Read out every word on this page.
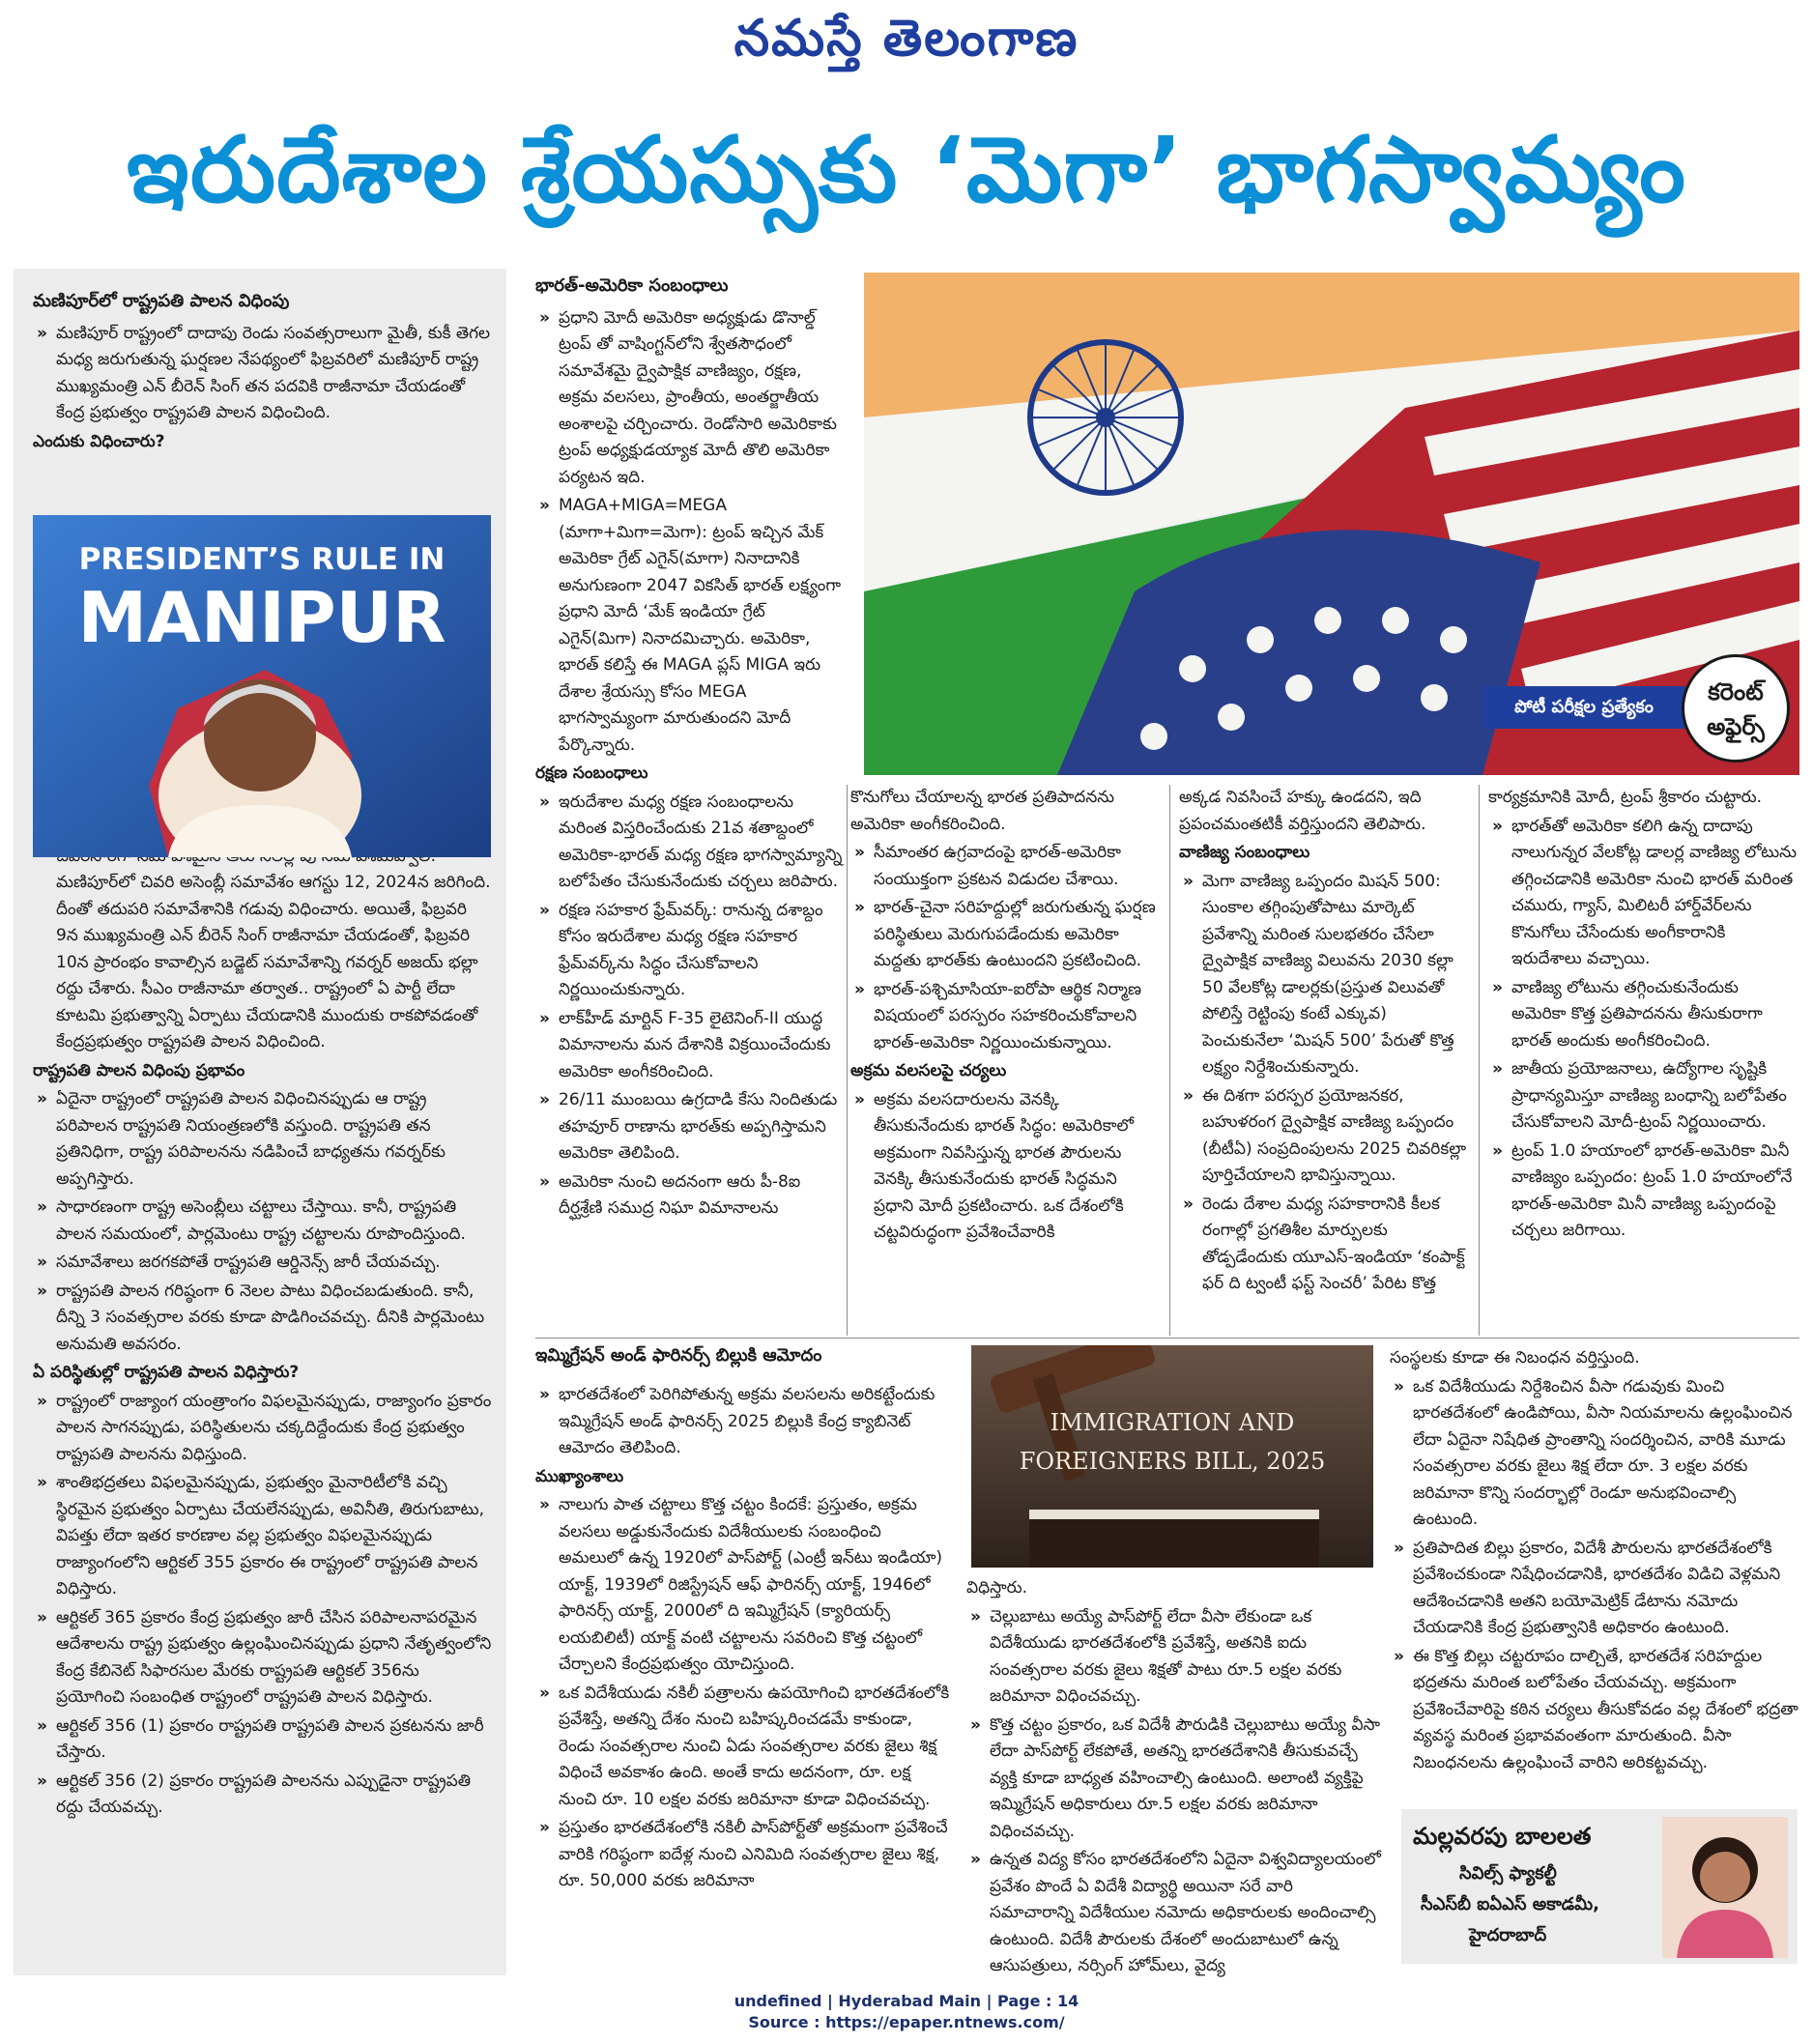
నమస్తే తెలంగాణ
ఇరుదేశాల శ్రేయస్సుకు ‘మెగా’ భాగస్వామ్యం

మణిపూర్‌లో రాష్ట్రపతి పాలన విధింపు

» మణిపూర్‌ రాష్ట్రంలో దాదాపు రెండు సంవత్సరాలుగా మైతీ, కుకీ తెగల మధ్య జరుగుతున్న ఘర్షణల నేపథ్యంలో ఫిబ్రవరిలో మణిపూర్‌ రాష్ట్ర ముఖ్యమంత్రి ఎన్‌ బీరెన్‌ సింగ్‌ తన పదవికి రాజీనామా చేయడంతో కేంద్ర ప్రభుత్వం రాష్ట్రపతి పాలన విధించింది.

ఎందుకు విధించారు?

» మణిపూర్‌లో చివరి అసెంబ్లీ సమావేశం ఆగస్టు 12, 2024న జరిగింది. దీంతో తదుపరి సమావేశానికి గడువు విధించారు. అయితే, ఫిబ్రవరి 9న ముఖ్యమంత్రి ఎన్‌ బీరెన్‌ సింగ్‌ రాజీనామా చేయడంతో, ఫిబ్రవరి 10న ప్రారంభం కావాల్సిన బడ్జెట్‌ సమావేశాన్ని గవర్నర్‌ అజయ్‌ భల్లా రద్దు చేశారు. సీఎం రాజీనామా తర్వాత.. రాష్ట్రంలో ఏ పార్టీ లేదా కూటమి ప్రభుత్వాన్ని ఏర్పాటు చేయడానికి ముందుకు రాకపోవడంతో కేంద్రప్రభుత్వం రాష్ట్రపతి పాలన విధించింది.

రాష్ట్రపతి పాలన విధింపు ప్రభావం

» ఏదైనా రాష్ట్రంలో రాష్ట్రపతి పాలన విధించినప్పుడు ఆ రాష్ట్ర పరిపాలన రాష్ట్రపతి నియంత్రణలోకి వస్తుంది. రాష్ట్రపతి తన ప్రతినిధిగా, రాష్ట్ర పరిపాలనను నడిపించే బాధ్యతను గవర్నర్‌కు అప్పగిస్తారు.

» సాధారణంగా రాష్ట్ర అసెంబ్లీలు చట్టాలు చేస్తాయి. కానీ, రాష్ట్రపతి పాలన సమయంలో, పార్లమెంటు రాష్ట్ర చట్టాలను రూపొందిస్తుంది.

» సమావేశాలు జరగకపోతే రాష్ట్రపతి ఆర్డినెన్స్‌ జారీ చేయవచ్చు.

» రాష్ట్రపతి పాలన గరిష్ఠంగా 6 నెలల పాటు విధించబడుతుంది. కానీ, దీన్ని 3 సంవత్సరాల వరకు కూడా పొడిగించవచ్చు. దీనికి పార్లమెంటు అనుమతి అవసరం.

ఏ పరిస్థితుల్లో రాష్ట్రపతి పాలన విధిస్తారు?

» రాష్ట్రంలో రాజ్యాంగ యంత్రాంగం విఫలమైనప్పుడు, రాజ్యాంగం ప్రకారం పాలన సాగనప్పుడు, పరిస్థితులను చక్కదిద్దేందుకు కేంద్ర ప్రభుత్వం రాష్ట్రపతి పాలనను విధిస్తుంది.

» శాంతిభద్రతలు విఫలమైనప్పుడు, ప్రభుత్వం మైనారిటీలోకి వచ్చి స్థిరమైన ప్రభుత్వం ఏర్పాటు చేయలేనప్పుడు, అవినీతి, తిరుగుబాటు, విపత్తు లేదా ఇతర కారణాల వల్ల ప్రభుత్వం విఫలమైనప్పుడు రాజ్యాంగంలోని ఆర్టికల్‌ 355 ప్రకారం ఈ రాష్ట్రంలో రాష్ట్రపతి పాలన విధిస్తారు.

» ఆర్టికల్‌ 365 ప్రకారం కేంద్ర ప్రభుత్వం జారీ చేసిన పరిపాలనాపరమైన ఆదేశాలను రాష్ట్ర ప్రభుత్వం ఉల్లంఘించినప్పుడు ప్రధాని నేతృత్వంలోని కేంద్ర కేబినెట్‌ సిఫారసుల మేరకు రాష్ట్రపతి ఆర్టికల్‌ 356ను ప్రయోగించి సంబంధిత రాష్ట్రంలో రాష్ట్రపతి పాలన విధిస్తారు.

» ఆర్టికల్‌ 356 (1) ప్రకారం రాష్ట్రపతి రాష్ట్రపతి పాలన ప్రకటనను జారీ చేస్తారు.

» ఆర్టికల్‌ 356 (2) ప్రకారం రాష్ట్రపతి పాలనను ఎప్పుడైనా రాష్ట్రపతి రద్దు చేయవచ్చు.

PRESIDENT’S RULE IN
MANIPUR

భారత్‌-అమెరికా సంబంధాలు

» ప్రధాని మోదీ అమెరికా అధ్యక్షుడు డొనాల్డ్‌ ట్రంప్‌ తో వాషింగ్టన్‌లోని శ్వేతసౌధంలో సమావేశమై ద్వైపాక్షిక వాణిజ్యం, రక్షణ, అక్రమ వలసలు, ప్రాంతీయ, అంతర్జాతీయ అంశాలపై చర్చించారు. రెండోసారి అమెరికాకు ట్రంప్‌ అధ్యక్షుడయ్యాక మోదీ తొలి అమెరికా పర్యటన ఇది.

» MAGA+MIGA=MEGA (మాగా+మిగా=మెగా): ట్రంప్‌ ఇచ్చిన మేక్‌ అమెరికా గ్రేట్‌ ఎగైన్‌(మాగా) నినాదానికి అనుగుణంగా 2047 వికసిత్‌ భారత్‌ లక్ష్యంగా ప్రధాని మోదీ ‘మేక్‌ ఇండియా గ్రేట్‌ ఎగైన్‌(మిగా) నినాదమిచ్చారు. అమెరికా, భారత్‌ కలిస్తే ఈ MAGA ప్లస్‌ MIGA ఇరు దేశాల శ్రేయస్సు కోసం MEGA భాగస్వామ్యంగా మారుతుందని మోదీ పేర్కొన్నారు.

రక్షణ సంబంధాలు

» ఇరుదేశాల మధ్య రక్షణ సంబంధాలను మరింత విస్తరించేందుకు 21వ శతాబ్దంలో అమెరికా-భారత్‌ మధ్య రక్షణ భాగస్వామ్యాన్ని బలోపేతం చేసుకునేందుకు చర్చలు జరిపారు.

» రక్షణ సహకార ఫ్రేమ్‌వర్క్‌: రానున్న దశాబ్దం కోసం ఇరుదేశాల మధ్య రక్షణ సహకార ఫ్రేమ్‌వర్క్‌ను సిద్ధం చేసుకోవాలని నిర్ణయించుకున్నారు.

» లాక్‌హీడ్‌ మార్టిన్‌ F-35 లైటెనింగ్‌-II యుద్ధ విమానాలను మన దేశానికి విక్రయించేందుకు అమెరికా అంగీకరించింది.

» 26/11 ముంబయి ఉగ్రదాడి కేసు నిందితుడు తహవూర్‌ రాణాను భారత్‌కు అప్పగిస్తామని అమెరికా తెలిపింది.

» అమెరికా నుంచి అదనంగా ఆరు పీ-8ఐ దీర్ఘశ్రేణి సముద్ర నిఘా విమానాలను

పోటీ పరీక్షల ప్రత్యేకం
కరెంట్
అఫైర్స్‌

కొనుగోలు చేయాలన్న భారత ప్రతిపాదనను అమెరికా అంగీకరించింది.

» సీమాంతర ఉగ్రవాదంపై భారత్‌-అమెరికా సంయుక్తంగా ప్రకటన విడుదల చేశాయి.

» భారత్‌-చైనా సరిహద్దుల్లో జరుగుతున్న ఘర్షణ పరిస్థితులు మెరుగుపడేందుకు అమెరికా మద్దతు భారత్‌కు ఉంటుందని ప్రకటించింది.

» భారత్‌-పశ్చిమాసియా-ఐరోపా ఆర్థిక నిర్మాణ విషయంలో పరస్పరం సహకరించుకోవాలని భారత్‌-అమెరికా నిర్ణయించుకున్నాయి.

అక్రమ వలసలపై చర్యలు

» అక్రమ వలసదారులను వెనక్కి తీసుకునేందుకు భారత్‌ సిద్ధం: అమెరికాలో అక్రమంగా నివసిస్తున్న భారత పౌరులను వెనక్కి తీసుకునేందుకు భారత్‌ సిద్ధమని ప్రధాని మోదీ ప్రకటించారు. ఒక దేశంలోకి చట్టవిరుద్ధంగా ప్రవేశించేవారికి

అక్కడ నివసించే హక్కు ఉండదని, ఇది ప్రపంచమంతటికీ వర్తిస్తుందని తెలిపారు.

వాణిజ్య సంబంధాలు

» మెగా వాణిజ్య ఒప్పందం మిషన్‌ 500: సుంకాల తగ్గింపుతోపాటు మార్కెట్‌ ప్రవేశాన్ని మరింత సులభతరం చేసేలా ద్వైపాక్షిక వాణిజ్య విలువను 2030 కల్లా 50 వేలకోట్ల డాలర్లకు(ప్రస్తుత విలువతో పోలిస్తే రెట్టింపు కంటే ఎక్కువ) పెంచుకునేలా ‘మిషన్‌ 500’ పేరుతో కొత్త లక్ష్యం నిర్దేశించుకున్నారు.

» ఈ దిశగా పరస్పర ప్రయోజనకర, బహుళరంగ ద్వైపాక్షిక వాణిజ్య ఒప్పందం (బీటీఏ) సంప్రదింపులను 2025 చివరికల్లా పూర్తిచేయాలని భావిస్తున్నాయి.

» రెండు దేశాల మధ్య సహకారానికి కీలక రంగాల్లో ప్రగతిశీల మార్పులకు తోడ్పడేందుకు యూఎస్‌-ఇండియా ‘కంపాక్ట్‌ ఫర్‌ ది ట్వంటీ ఫస్ట్‌ సెంచరీ’ పేరిట కొత్త

కార్యక్రమానికి మోదీ, ట్రంప్‌ శ్రీకారం చుట్టారు.

» భారత్‌తో అమెరికా కలిగి ఉన్న దాదాపు నాలుగున్నర వేలకోట్ల డాలర్ల వాణిజ్య లోటును తగ్గించడానికి అమెరికా నుంచి భారత్‌ మరింత చమురు, గ్యాస్‌, మిలిటరీ హార్డ్‌వేర్‌లను కొనుగోలు చేసేందుకు అంగీకారానికి ఇరుదేశాలు వచ్చాయి.

» వాణిజ్య లోటును తగ్గించుకునేందుకు అమెరికా కొత్త ప్రతిపాదనను తీసుకురాగా భారత్‌ అందుకు అంగీకరించింది.

» జాతీయ ప్రయోజనాలు, ఉద్యోగాల సృష్టికి ప్రాధాన్యమిస్తూ వాణిజ్య బంధాన్ని బలోపేతం చేసుకోవాలని మోదీ-ట్రంప్‌ నిర్ణయించారు.

» ట్రంప్‌ 1.0 హయాంలో భారత్‌-అమెరికా మినీ వాణిజ్యం ఒప్పందం: ట్రంప్‌ 1.0 హయాంలోనే భారత్‌-అమెరికా మినీ వాణిజ్య ఒప్పందంపై చర్చలు జరిగాయి.

ఇమ్మిగ్రేషన్‌ అండ్‌ ఫారినర్స్‌ బిల్లుకి ఆమోదం

» భారతదేశంలో పెరిగిపోతున్న అక్రమ వలసలను అరికట్టేందుకు ఇమ్మిగ్రేషన్‌ అండ్‌ ఫారినర్స్‌ 2025 బిల్లుకి కేంద్ర క్యాబినెట్‌ ఆమోదం తెలిపింది.

ముఖ్యాంశాలు

» నాలుగు పాత చట్టాలు కొత్త చట్టం కిందకే: ప్రస్తుతం, అక్రమ వలసలు అడ్డుకునేందుకు విదేశీయులకు సంబంధించి అమలులో ఉన్న 1920లో పాస్‌పోర్ట్‌ (ఎంట్రీ ఇన్‌టు ఇండియా) యాక్ట్‌, 1939లో రిజిస్ట్రేషన్‌ ఆఫ్‌ ఫారినర్స్‌ యాక్ట్‌, 1946లో ఫారినర్స్‌ యాక్ట్‌, 2000లో ది ఇమ్మిగ్రేషన్‌ (క్యారియర్స్‌ లయబిలిటీ) యాక్ట్‌ వంటి చట్టాలను సవరించి కొత్త చట్టంలో చేర్చాలని కేంద్రప్రభుత్వం యోచిస్తుంది.

» ఒక విదేశీయుడు నకిలీ పత్రాలను ఉపయోగించి భారతదేశంలోకి ప్రవేశిస్తే, అతన్ని దేశం నుంచి బహిష్కరించడమే కాకుండా, రెండు సంవత్సరాల నుంచి ఏడు సంవత్సరాల వరకు జైలు శిక్ష విధించే అవకాశం ఉంది. అంతే కాదు అదనంగా, రూ. లక్ష నుంచి రూ. 10 లక్షల వరకు జరిమానా కూడా విధించవచ్చు.

» ప్రస్తుతం భారతదేశంలోకి నకిలీ పాస్‌పోర్ట్‌తో అక్రమంగా ప్రవేశించే వారికి గరిష్ఠంగా ఐదేళ్ల నుంచి ఎనిమిది సంవత్సరాల జైలు శిక్ష, రూ. 50,000 వరకు జరిమానా

IMMIGRATION AND
FOREIGNERS BILL, 2025

విధిస్తారు.

» చెల్లుబాటు అయ్యే పాస్‌పోర్ట్‌ లేదా వీసా లేకుండా ఒక విదేశీయుడు భారతదేశంలోకి ప్రవేశిస్తే, అతనికి ఐదు సంవత్సరాల వరకు జైలు శిక్షతో పాటు రూ.5 లక్షల వరకు జరిమానా విధించవచ్చు.

» కొత్త చట్టం ప్రకారం, ఒక విదేశీ పౌరుడికి చెల్లుబాటు అయ్యే వీసా లేదా పాస్‌పోర్ట్‌ లేకపోతే, అతన్ని భారతదేశానికి తీసుకువచ్చే వ్యక్తి కూడా బాధ్యత వహించాల్సి ఉంటుంది. అలాంటి వ్యక్తిపై ఇమ్మిగ్రేషన్‌ అధికారులు రూ.5 లక్షల వరకు జరిమానా విధించవచ్చు.

» ఉన్నత విద్య కోసం భారతదేశంలోని ఏదైనా విశ్వవిద్యాలయంలో ప్రవేశం పొందే ఏ విదేశీ విద్యార్థి అయినా సరే వారి సమాచారాన్ని విదేశీయుల నమోదు అధికారులకు అందించాల్సి ఉంటుంది. విదేశీ పౌరులకు దేశంలో అందుబాటులో ఉన్న ఆసుపత్రులు, నర్సింగ్‌ హోమ్‌లు, వైద్య

సంస్థలకు కూడా ఈ నిబంధన వర్తిస్తుంది.

» ఒక విదేశీయుడు నిర్దేశించిన వీసా గడువుకు మించి భారతదేశంలో ఉండిపోయి, వీసా నియమాలను ఉల్లంఘించిన లేదా ఏదైనా నిషేధిత ప్రాంతాన్ని సందర్శించిన, వారికి మూడు సంవత్సరాల వరకు జైలు శిక్ష లేదా రూ. 3 లక్షల వరకు జరిమానా కొన్ని సందర్భాల్లో రెండూ అనుభవించాల్సి ఉంటుంది.

» ప్రతిపాదిత బిల్లు ప్రకారం, విదేశీ పౌరులను భారతదేశంలోకి ప్రవేశించకుండా నిషేధించడానికి, భారతదేశం విడిచి వెళ్లమని ఆదేశించడానికి అతని బయోమెట్రిక్‌ డేటాను నమోదు చేయడానికి కేంద్ర ప్రభుత్వానికి అధికారం ఉంటుంది.

» ఈ కొత్త బిల్లు చట్టరూపం దాల్చితే, భారతదేశ సరిహద్దుల భద్రతను మరింత బలోపేతం చేయవచ్చు. అక్రమంగా ప్రవేశించేవారిపై కఠిన చర్యలు తీసుకోవడం వల్ల దేశంలో భద్రతా వ్యవస్థ మరింత ప్రభావవంతంగా మారుతుంది. వీసా నిబంధనలను ఉల్లంఘించే వారిని అరికట్టవచ్చు.

మల్లవరపు బాలలత
సివిల్స్‌ ఫ్యాకల్టీ
సీఎస్‌బీ ఐఏఎస్‌ అకాడమీ,
హైదరాబాద్‌
undefined | Hyderabad Main | Page : 14
Source : https://epaper.ntnews.com/
